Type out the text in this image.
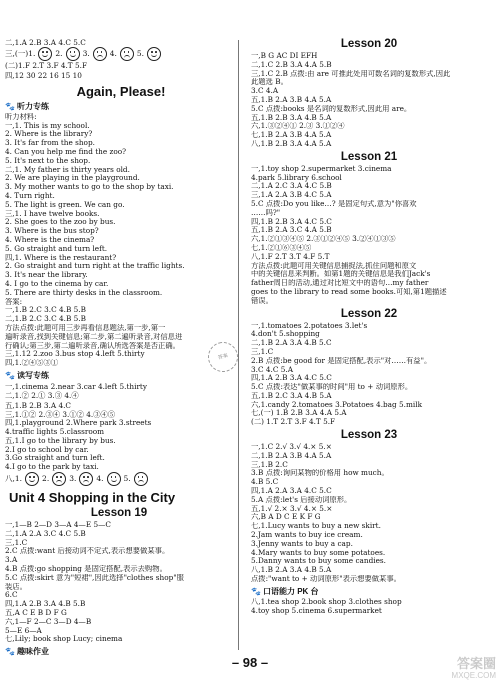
二,1.A 2.B 3.A 4.C 5.C
三,(一)1.	2.	3.	4.	5.
(二)1.F 2.T 3.F 4.T 5.F
四,12 30 22 16 15 10
Again, Please!
🐾 听力专练
听力材料:
一,1. This is my school.
2. Where is the library?
3. It's far from the shop.
4. Can you help me find the zoo?
5. It's next to the shop.
二,1. My father is thirty years old.
2. We are playing in the playground.
3. My mother wants to go to the shop by taxi.
4. Turn right.
5. The light is green. We can go.
三,1. I have twelve books.
2. She goes to the zoo by bus.
3. Where is the bus stop?
4. Where is the cinema?
5. Go straight and turn left.
四,1. Where is the restaurant?
2. Go straight and turn right at the traffic lights.
3. It's near the library.
4. I go to the cinema by car.
5. There are thirty desks in the classroom.
答案:
一,1.B 2.C 3.C 4.B 5.B
二,1.B 2.C 3.C 4.B 5.B
方法点拨:此题可用三步再看信息题法,第一步,第一
遍听录音,找到关键信息;第二步,第二遍听录音,对信息进
行确认;第三步,第二遍听录音,确认所选答案是否正确。
三,1.12 2.zoo 3.bus stop 4.left 5.thirty
四,1.②④⑤③①
🐾 读写专练
一,1.cinema 2.near 3.car 4.left 5.thirty
二,1.② 2.① 3.③ 4.④
五,1.B 2.B 3.A 4.C
三,1.①② 2.③④ 3.①② 4.③④⑤
四,1.playground 2.Where park 3.streets
4.traffic lights 5.classroom
五,1.I go to the library by bus.
2.I go to school by car.
3.Go straight and turn left.
4.I go to the park by taxi.
八,1.	2.	3.	4.	5.
Unit 4 Shopping in the City
Lesson 19
一,1—B 2—D 3—A 4—E 5—C
二,1.A 2.A 3.C 4.C 5.B
三,1.C
2.C 点拨:want 后接动词不定式,表示想要做某事。
3.A
4.B 点拨:go shopping 是固定搭配,表示去购物。
5.C 点拨:skirt 意为"短裙",因此选择"clothes shop"服
装店。
6.C
四,1.A 2.B 3.A 4.B 5.B
五,A C E B D F G
六,1—F 2—C 3—D 4—B
5—E 6—A
七,Lily; book shop Lucy; cinema
🐾 趣味作业
答案
Lesson 20
一,B G AC DI EFH
二,1.C 2.B 3.A 4.A 5.B
三,1.C 2.B 点拨:由 are 可推此处用可数名词的复数形式,因此
此题选 B。
3.C 4.A
五,1.B 2.A 3.B 4.A 5.A
5.C 点拨:books 是名词的复数形式,因此用 are。
五,1.B 2.B 3.A 4.B 5.A
六,1.③②④① 2.③ 3.①②④
七,1.B 2.A 3.B 4.A 5.A
八,1.B 2.B 3.A 4.A 5.A
Lesson 21
一,1.toy shop 2.supermarket 3.cinema
4.park 5.library 6.school
二,1.A 2.C 3.A 4.C 5.B
三,1.A 2.A 3.B 4.C 5.A
5.C 点拨:Do you like…? 是固定句式,意为"你喜欢
……吗?"
四,1.B 2.B 3.A 4.C 5.C
五,1.B 2.A 3.C 4.A 5.B
六,1.②①③④⑤ 2.③①②④⑤ 3.②④①③⑤
七,1.②①⑥③④⑤
八,1.F 2.T 3.T 4.F 5.T
方法点拨:此题可用关键信息捕捉法,抓住问题和原文
中的关键信息来判断。如第1题的关键信息是我们Jack's
father周日的活动,通过对比短文中的语句…my father
goes to the library to read some books.可知,第1题描述
错误。
Lesson 22
一,1.tomatoes 2.potatoes 3.let's
4.don't 5.shopping
二,1.B 2.A 3.A 4.B 5.C
三,1.C
2.B 点拨:be good for 是固定搭配,表示"对……有益"。
3.C 4.C 5.A
四,1.A 2.B 3.A 4.C 5.C
5.C 点拨:表达"做某事的时间"用 to + 动词原形。
五,1.B 2.C 3.A 4.B 5.A
六,1.candy 2.tomatoes 3.Potatoes 4.bag 5.milk
七,(一) 1.B 2.B 3.A 4.A 5.A
(二) 1.T 2.T 3.F 4.T 5.F
Lesson 23
一,1.C 2.√ 3.√ 4.× 5.×
二,1.B 2.A 3.B 4.A 5.A
三,1.B 2.C
3.B 点拨:询问某物的价格用 how much。
4.B 5.C
四,1.A 2.A 3.A 4.C 5.C
5.A 点拨:let's 后接动词原形。
五,1.√ 2.× 3.√ 4.× 5.×
六,B A D C E K F G
七,1.Lucy wants to buy a new skirt.
2.Jam wants to buy ice cream.
3.Jenny wants to buy a cap.
4.Mary wants to buy some potatoes.
5.Danny wants to buy some candies.
八,1.B 2.A 3.A 4.B 5.A
点拨:"want to + 动词原形"表示想要做某事。
🐾 口语能力 PK 台
八,1.tea shop 2.book shop 3.clothes shop
4.toy shop 5.cinema 6.supermarket
– 98 –	答案圈
MXQE.COM
